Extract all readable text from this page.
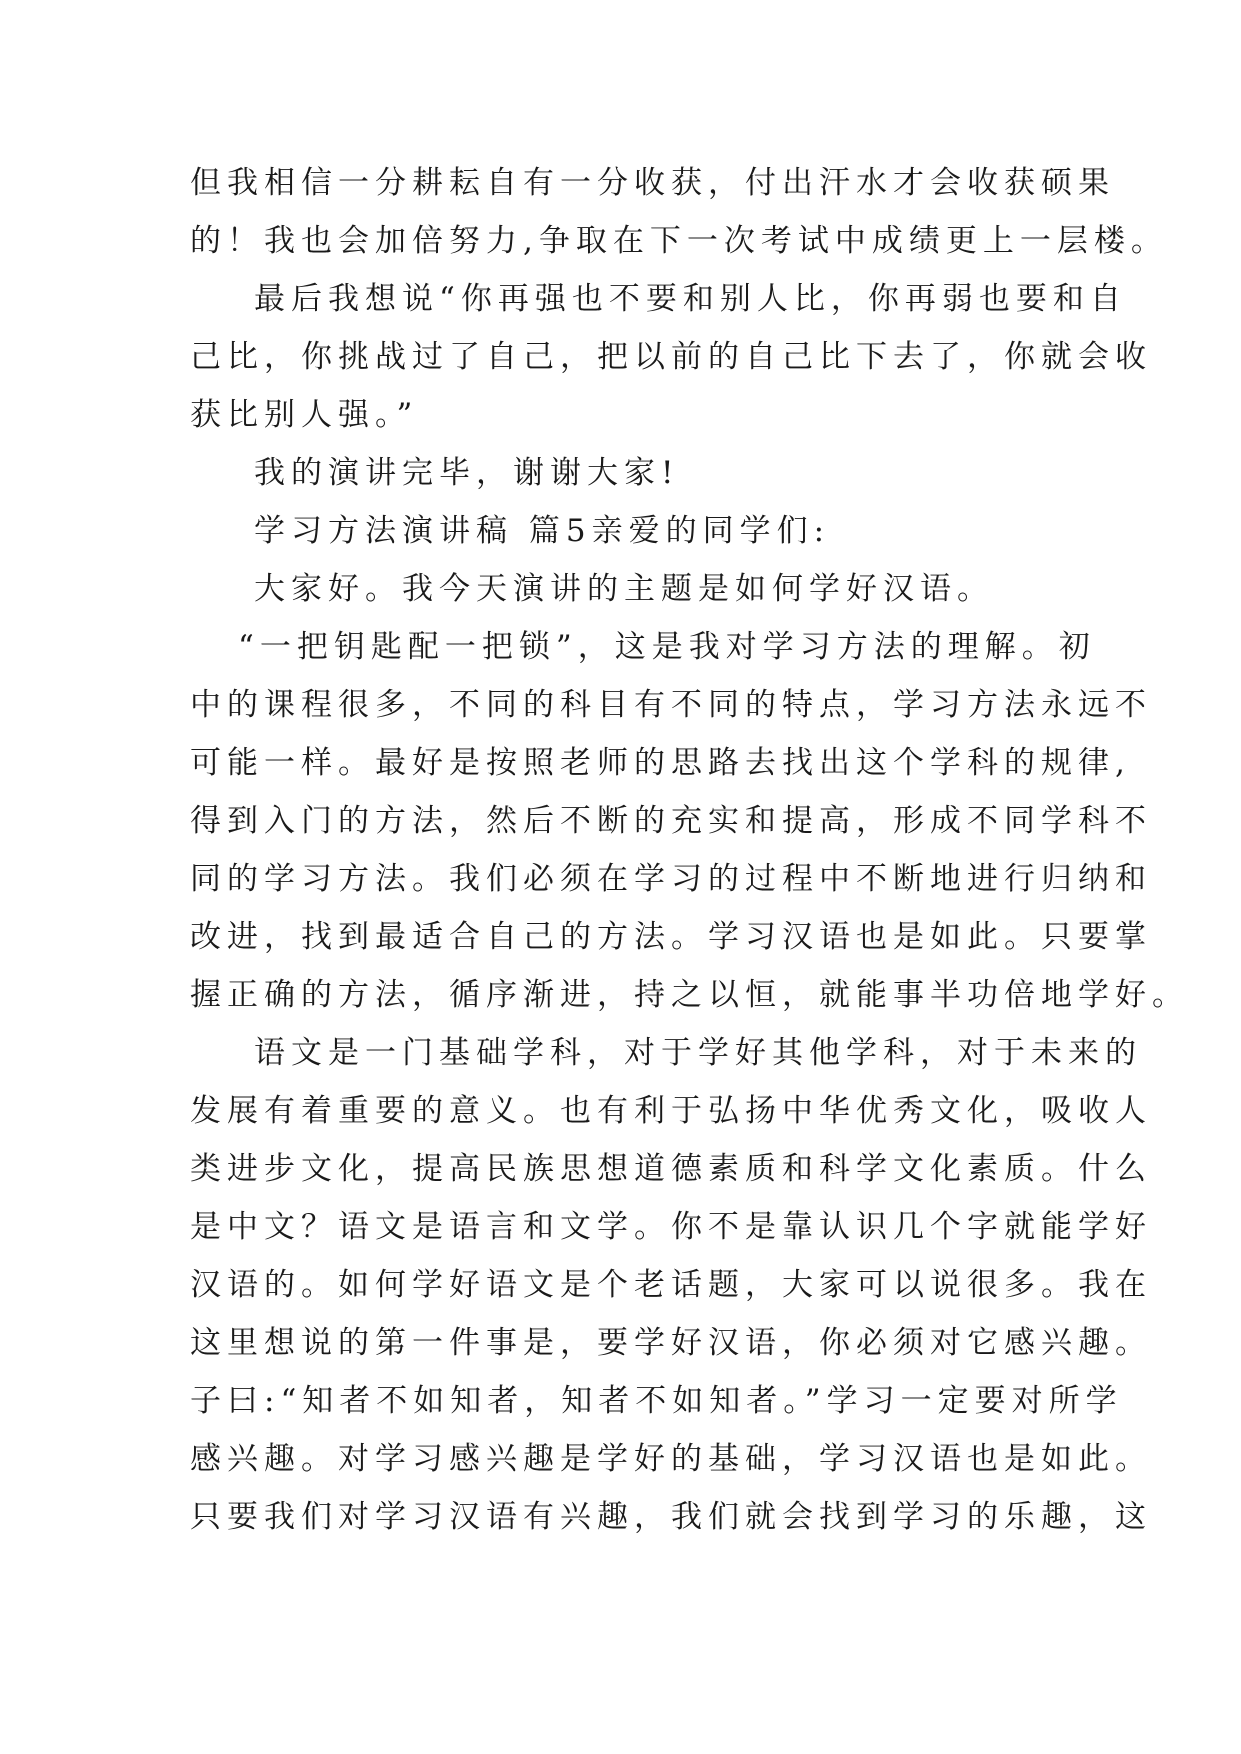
但我相信一分耕耘自有一分收获，付出汗水才会收获硕果
的！我也会加倍努力,争取在下一次考试中成绩更上一层楼。
最后我想说“你再强也不要和别人比，你再弱也要和自
己比，你挑战过了自己，把以前的自己比下去了，你就会收
获比别人强。”
我的演讲完毕，谢谢大家!
学习方法演讲稿 篇5亲爱的同学们:
大家好。我今天演讲的主题是如何学好汉语。
“一把钥匙配一把锁”，这是我对学习方法的理解。初
中的课程很多，不同的科目有不同的特点，学习方法永远不
可能一样。最好是按照老师的思路去找出这个学科的规律,
得到入门的方法，然后不断的充实和提高，形成不同学科不
同的学习方法。我们必须在学习的过程中不断地进行归纳和
改进，找到最适合自己的方法。学习汉语也是如此。只要掌
握正确的方法，循序渐进，持之以恒，就能事半功倍地学好。
语文是一门基础学科，对于学好其他学科，对于未来的
发展有着重要的意义。也有利于弘扬中华优秀文化，吸收人
类进步文化，提高民族思想道德素质和科学文化素质。什么
是中文？语文是语言和文学。你不是靠认识几个字就能学好
汉语的。如何学好语文是个老话题，大家可以说很多。我在
这里想说的第一件事是，要学好汉语，你必须对它感兴趣。
子曰:“知者不如知者，知者不如知者。”学习一定要对所学
感兴趣。对学习感兴趣是学好的基础，学习汉语也是如此。
只要我们对学习汉语有兴趣，我们就会找到学习的乐趣，这
